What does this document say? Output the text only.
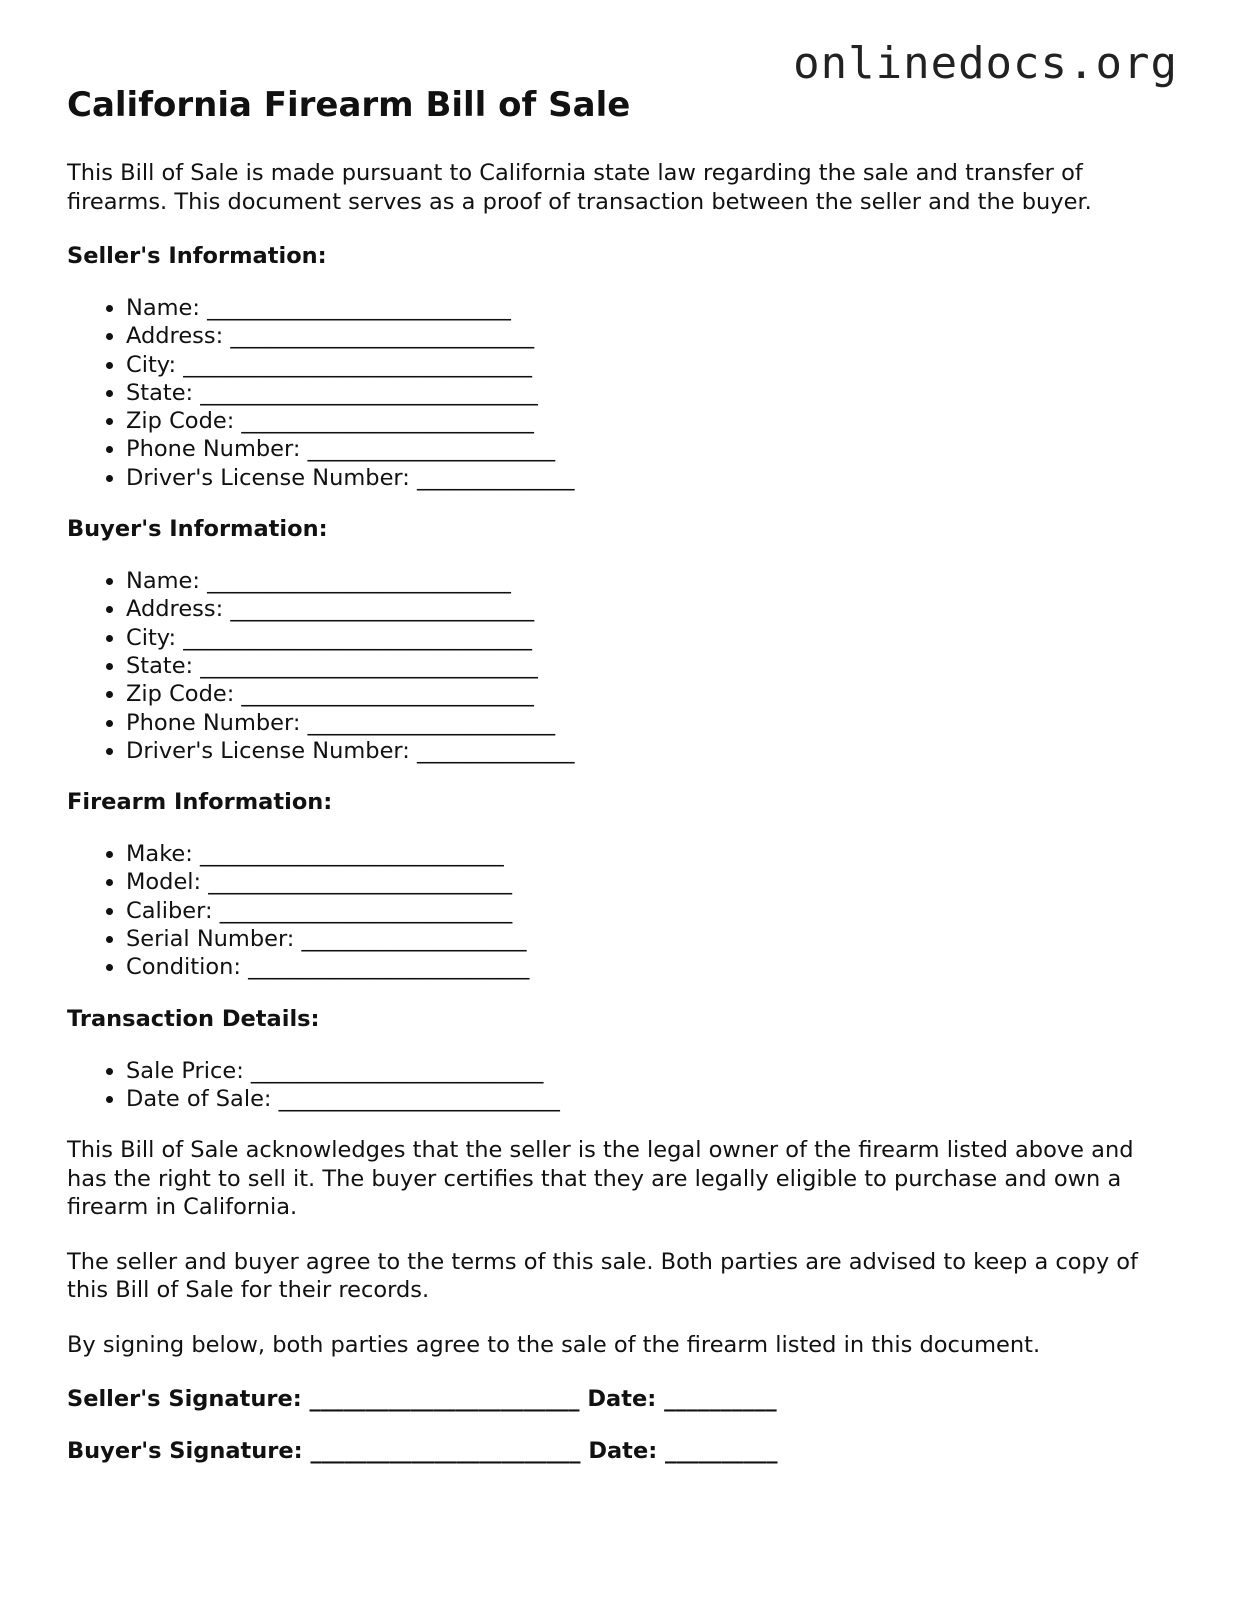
onlinedocs.org
California Firearm Bill of Sale

This Bill of Sale is made pursuant to California state law regarding the sale and transfer of firearms. This document serves as a proof of transaction between the seller and the buyer.

Seller's Information:
• Name: ___________________________
• Address: ___________________________
• City: _______________________________
• State: ______________________________
• Zip Code: __________________________
• Phone Number: ______________________
• Driver's License Number: ______________
Buyer's Information:
• Name: ___________________________
• Address: ___________________________
• City: _______________________________
• State: ______________________________
• Zip Code: __________________________
• Phone Number: ______________________
• Driver's License Number: ______________
Firearm Information:
• Make: ___________________________
• Model: ___________________________
• Caliber: __________________________
• Serial Number: ____________________
• Condition: _________________________
Transaction Details:
• Sale Price: __________________________
• Date of Sale: _________________________

This Bill of Sale acknowledges that the seller is the legal owner of the firearm listed above and has the right to sell it. The buyer certifies that they are legally eligible to purchase and own a firearm in California.

The seller and buyer agree to the terms of this sale. Both parties are advised to keep a copy of this Bill of Sale for their records.

By signing below, both parties agree to the sale of the firearm listed in this document.

Seller's Signature: ________________________ Date: __________
Buyer's Signature: ________________________ Date: __________
